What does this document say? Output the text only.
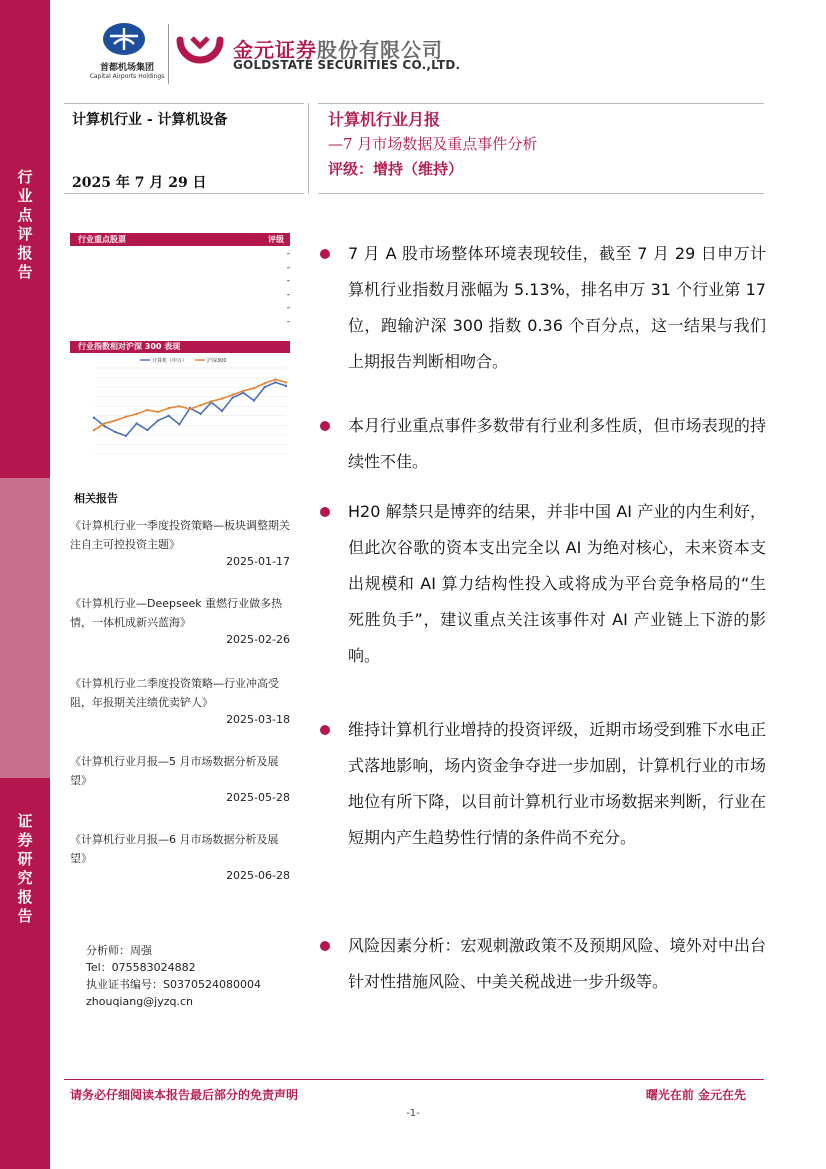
行
业
点
评
报
告
证
券
研
究
报
告
首都机场集团
Capital Airports Holdings
金元证券股份有限公司
GOLDSTATE SECURITIES CO.,LTD.
计算机行业 - 计算机设备
2025 年 7 月 29 日
计算机行业月报
—7 月市场数据及重点事件分析
评级：增持（维持）
行业重点股票	评级
-
-
-
-
-
-
行业指数相对沪深 300 表现
计算机（申万）	沪深300
相关报告
《计算机行业一季度投资策略—板块调整期关注自主可控投资主题》
2025-01-17
《计算机行业—Deepseek 重燃行业做多热情，一体机成新兴蓝海》
2025-02-26
《计算机行业二季度投资策略—行业冲高受阻，年报期关注绩优卖铲人》
2025-03-18
《计算机行业月报—5 月市场数据分析及展望》
2025-05-28
《计算机行业月报—6 月市场数据分析及展望》
2025-06-28
分析师：周强
Tel：07558302488​2
执业证书编号：S0370524080004
zhouqiang@jyzq.cn
7 月 A 股市场整体环境表现较佳，截至 7 月 29 日申万计算机行业指数月涨幅为 5.13%，排名申万 31 个行业第 17 位，跑输沪深 300 指数 0.36 个百分点，这一结果与我们上期报告判断相吻合。
本月行业重点事件多数带有行业利多性质，但市场表现的持续性不佳。
H20 解禁只是博弈的结果，并非中国 AI 产业的内生利好，但此次谷歌的资本支出完全以 AI 为绝对核心，未来资本支出规模和 AI 算力结构性投入或将成为平台竞争格局的“生死胜负手”，建议重点关注该事件对 AI 产业链上下游的影响。
维持计算机行业增持的投资评级，近期市场受到雅下水电正式落地影响，场内资金争夺进一步加剧，计算机行业的市场地位有所下降，以目前计算机行业市场数据来判断，行业在短期内产生趋势性行情的条件尚不充分。
风险因素分析：宏观刺激政策不及预期风险、境外对中出台针对性措施风险、中美关税战进一步升级等。
请务必仔细阅读本报告最后部分的免责声明	曙光在前 金元在先
-1-
